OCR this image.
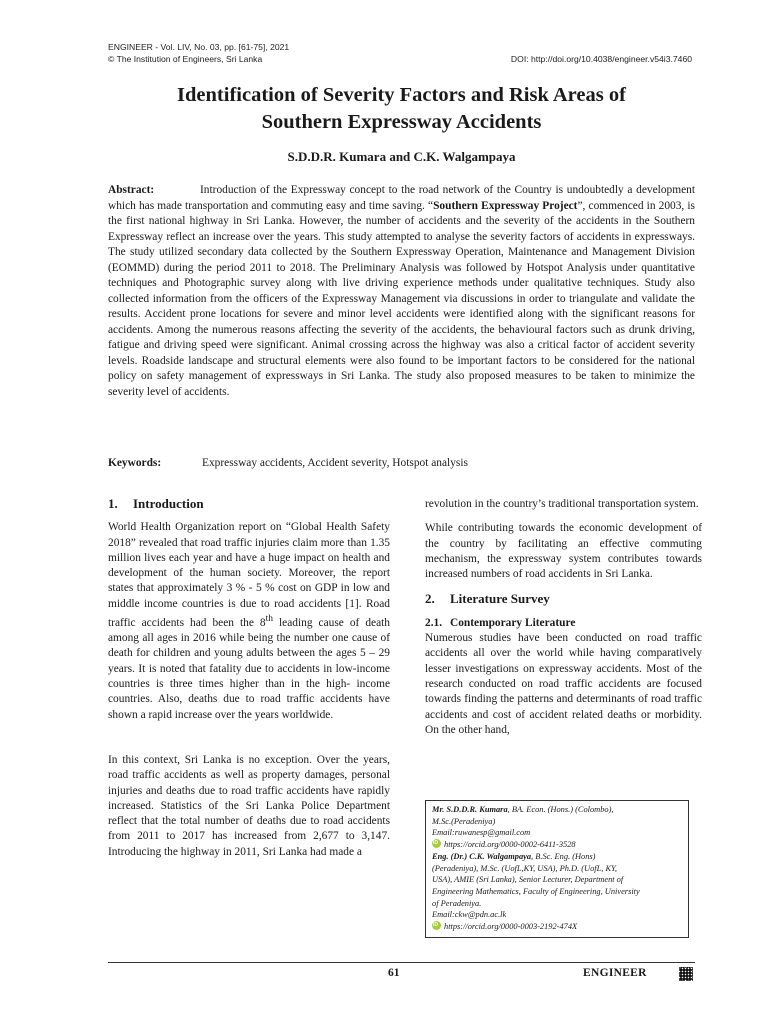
ENGINEER - Vol. LIV, No. 03, pp. [61-75], 2021
© The Institution of Engineers, Sri Lanka	DOI: http://doi.org/10.4038/engineer.v54i3.7460
Identification of Severity Factors and Risk Areas of
Southern Expressway Accidents
S.D.D.R. Kumara and C.K. Walgampaya
Abstract:	Introduction of the Expressway concept to the road network of the Country is undoubtedly a development which has made transportation and commuting easy and time saving. “Southern Expressway Project”, commenced in 2003, is the first national highway in Sri Lanka. However, the number of accidents and the severity of the accidents in the Southern Expressway reflect an increase over the years. This study attempted to analyse the severity factors of accidents in expressways. The study utilized secondary data collected by the Southern Expressway Operation, Maintenance and Management Division (EOMMD) during the period 2011 to 2018. The Preliminary Analysis was followed by Hotspot Analysis under quantitative techniques and Photographic survey along with live driving experience methods under qualitative techniques. Study also collected information from the officers of the Expressway Management via discussions in order to triangulate and validate the results. Accident prone locations for severe and minor level accidents were identified along with the significant reasons for accidents. Among the numerous reasons affecting the severity of the accidents, the behavioural factors such as drunk driving, fatigue and driving speed were significant. Animal crossing across the highway was also a critical factor of accident severity levels. Roadside landscape and structural elements were also found to be important factors to be considered for the national policy on safety management of expressways in Sri Lanka. The study also proposed measures to be taken to minimize the severity level of accidents.
Keywords:	Expressway accidents, Accident severity, Hotspot analysis
1. Introduction

World Health Organization report on “Global Health Safety 2018” revealed that road traffic injuries claim more than 1.35 million lives each year and have a huge impact on health and development of the human society. Moreover, the report states that approximately 3 % - 5 % cost on GDP in low and middle income countries is due to road accidents [1]. Road traffic accidents had been the 8th leading cause of death among all ages in 2016 while being the number one cause of death for children and young adults between the ages 5 – 29 years. It is noted that fatality due to accidents in low-income countries is three times higher than in the high- income countries. Also, deaths due to road traffic accidents have shown a rapid increase over the years worldwide.

In this context, Sri Lanka is no exception. Over the years, road traffic accidents as well as property damages, personal injuries and deaths due to road traffic accidents have rapidly increased. Statistics of the Sri Lanka Police Department reflect that the total number of deaths due to road accidents from 2011 to 2017 has increased from 2,677 to 3,147. Introducing the highway in 2011, Sri Lanka had made a

revolution in the country’s traditional transportation system.

While contributing towards the economic development of the country by facilitating an effective commuting mechanism, the expressway system contributes towards increased numbers of road accidents in Sri Lanka.

2. Literature Survey
2.1. Contemporary Literature

Numerous studies have been conducted on road traffic accidents all over the world while having comparatively lesser investigations on expressway accidents. Most of the research conducted on road traffic accidents are focused towards finding the patterns and determinants of road traffic accidents and cost of accident related deaths or morbidity. On the other hand,

Mr. S.D.D.R. Kumara, BA. Econ. (Hons.) (Colombo),
M.Sc.(Peradeniya)
Email:ruwanesp@gmail.com
iDhttps://orcid.org/0000-0002-6411-3528
Eng. (Dr.) C.K. Walgampaya, B.Sc. Eng. (Hons)
(Peradeniya), M.Sc. (UofL,KY, USA), Ph.D. (UofL, KY,
USA), AMIE (Sri Lanka), Senior Lecturer, Department of
Engineering Mathematics, Faculty of Engineering, University
of Peradeniya.
Email:ckw@pdn.ac.lk
iDhttps://orcid.org/0000-0003-2192-474X
61	ENGINEER
